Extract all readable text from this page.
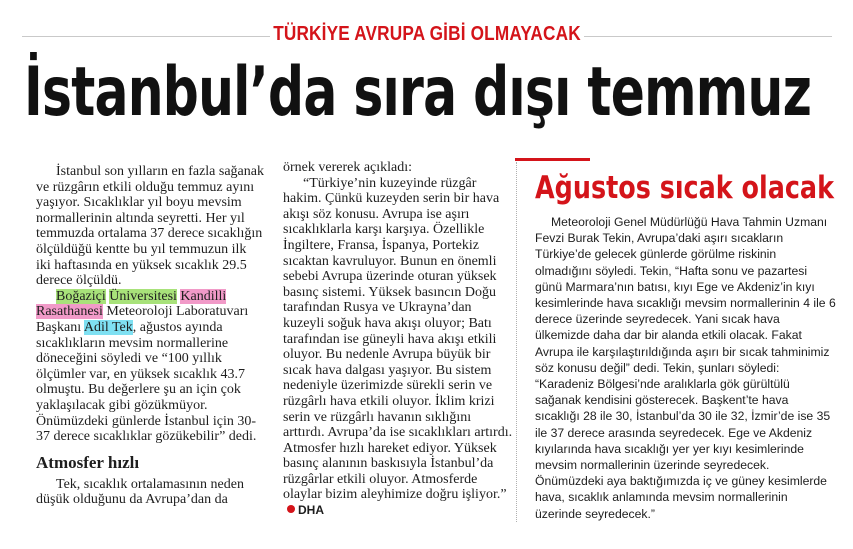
TÜRKİYE AVRUPA GİBİ OLMAYACAK
İstanbul’da sıra dışı temmuz

İstanbul son yılların en fazla sağanak ve rüzgârın etkili olduğu temmuz ayını yaşıyor. Sıcaklıklar yıl boyu mevsim normallerinin altında seyretti. Her yıl temmuzda ortalama 37 derece sıcaklığın ölçüldüğü kentte bu yıl temmuzun ilk iki haftasında en yüksek sıcaklık 29.5 derece ölçüldü.

Boğaziçi Üniversitesi Kandilli Rasathanesi Meteoroloji Laboratuvarı Başkanı Adil Tek, ağustos ayında sıcaklıkların mevsim normallerine döneceğini söyledi ve “100 yıllık ölçümler var, en yüksek sıcaklık 43.7 olmuştu. Bu değerlere şu an için çok yaklaşılacak gibi gözükmüyor. Önümüzdeki günlerde İstanbul için 30-37 derece sıcaklıklar gözükebilir” dedi.

Atmosfer hızlı

Tek, sıcaklık ortalamasının neden düşük olduğunu da Avrupa’dan da

örnek vererek açıkladı:

“Türkiye’nin kuzeyinde rüzgâr hakim. Çünkü kuzeyden serin bir hava akışı söz konusu. Avrupa ise aşırı sıcaklıklarla karşı karşıya. Özellikle İngiltere, Fransa, İspanya, Portekiz sıcaktan kavruluyor. Bunun en önemli sebebi Avrupa üzerinde oturan yüksek basınç sistemi. Yüksek basıncın Doğu tarafından Rusya ve Ukrayna’dan kuzeyli soğuk hava akışı oluyor; Batı tarafından ise güneyli hava akışı etkili oluyor. Bu nedenle Avrupa büyük bir sıcak hava dalgası yaşıyor. Bu sistem nedeniyle üzerimizde sürekli serin ve rüzgârlı hava etkili oluyor. İklim krizi serin ve rüzgârlı havanın sıklığını arttırdı. Avrupa’da ise sıcaklıkları artırdı. Atmosfer hızlı hareket ediyor. Yüksek basınç alanının baskısıyla İstanbul’da rüzgârlar etkili oluyor. Atmosferde olaylar bizim aleyhimize doğru işliyor.”DHA

Ağustos sıcak olacak

Meteoroloji Genel Müdürlüğü Hava Tahmin Uzmanı Fevzi Burak Tekin, Avrupa’daki aşırı sıcakların Türkiye’de gelecek günlerde görülme riskinin olmadığını söyledi. Tekin, “Hafta sonu ve pazartesi günü Marmara’nın batısı, kıyı Ege ve Akdeniz’in kıyı kesimlerinde hava sıcaklığı mevsim normallerinin 4 ile 6 derece üzerinde seyredecek. Yani sıcak hava ülkemizde daha dar bir alanda etkili olacak. Fakat Avrupa ile karşılaştırıldığında aşırı bir sıcak tahminimiz söz konusu değil” dedi. Tekin, şunları söyledi: “Karadeniz Bölgesi’nde aralıklarla gök gürültülü sağanak kendisini gösterecek. Başkent’te hava sıcaklığı 28 ile 30, İstanbul’da 30 ile 32, İzmir’de ise 35 ile 37 derece arasında seyredecek. Ege ve Akdeniz kıyılarında hava sıcaklığı yer yer kıyı kesimlerinde mevsim normallerinin üzerinde seyredecek. Önümüzdeki aya baktığımızda iç ve güney kesimlerde hava, sıcaklık anlamında mevsim normallerinin üzerinde seyredecek.”
